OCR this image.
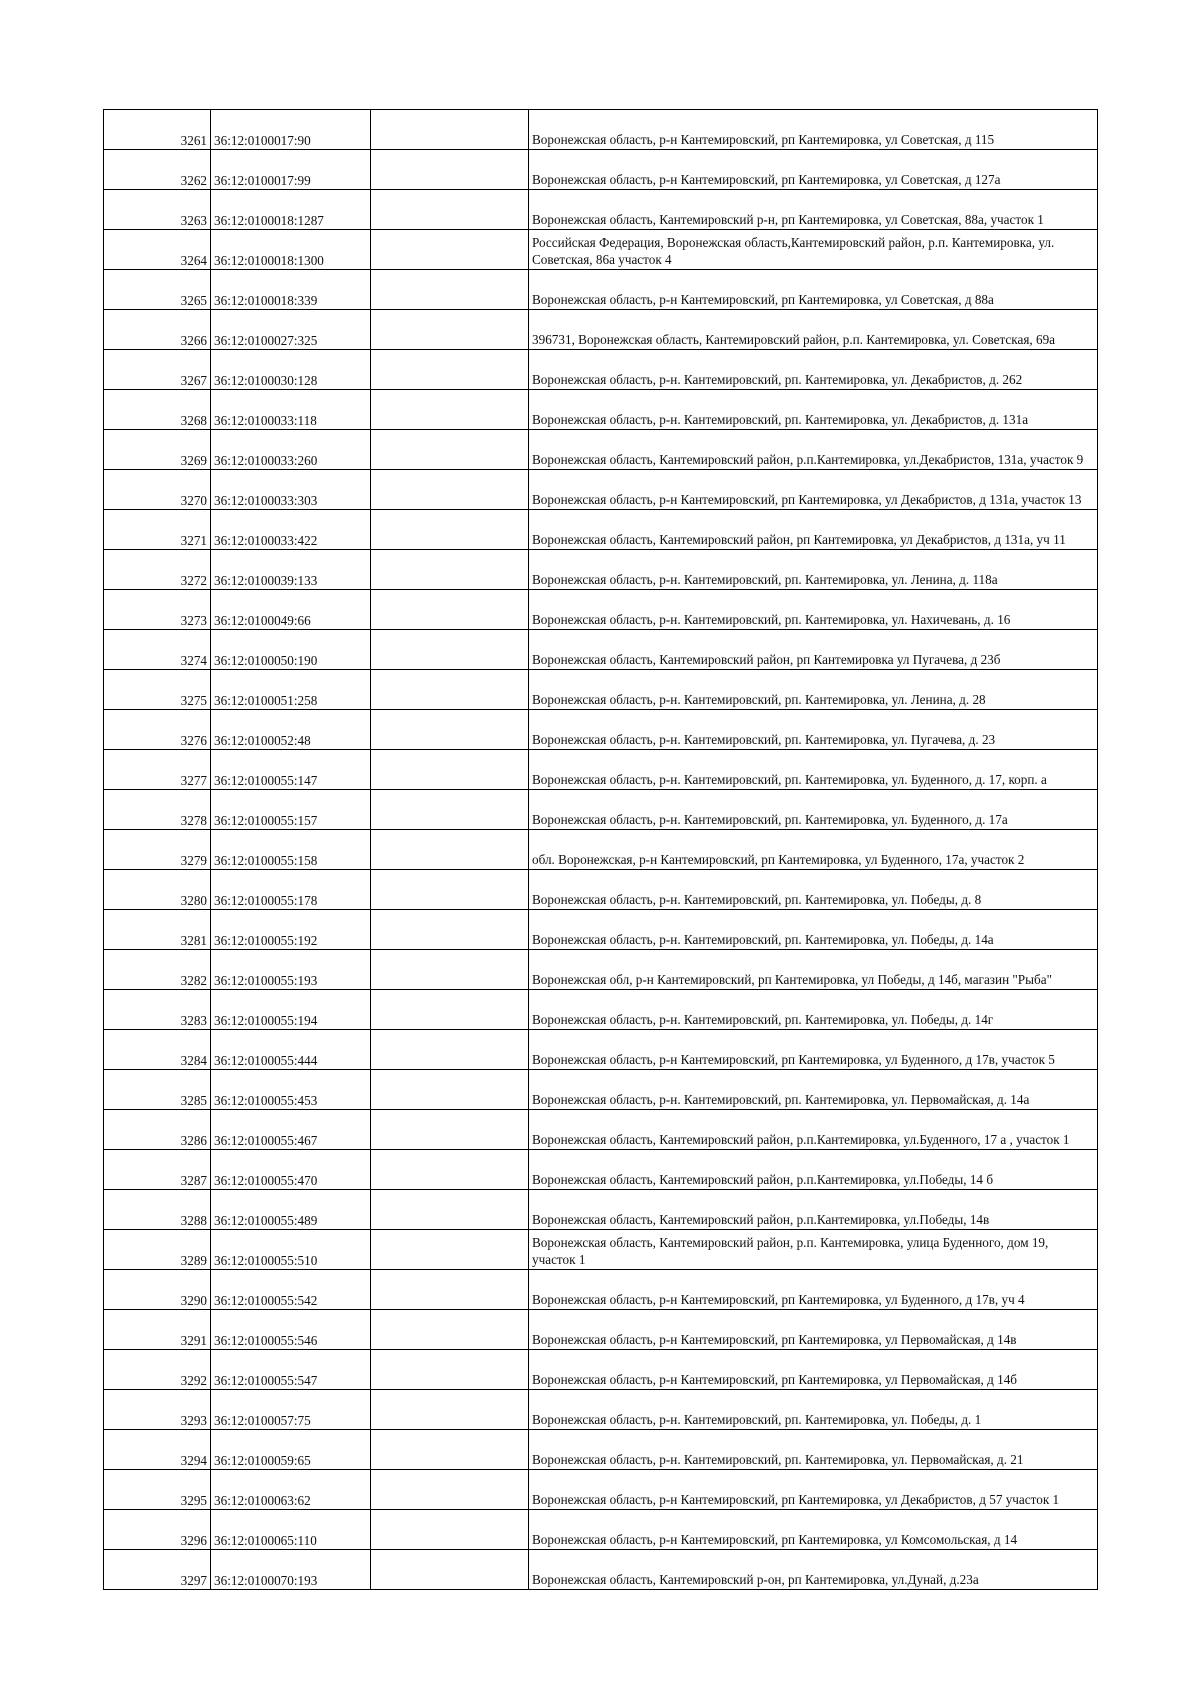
3261	36:12:0100017:90		Воронежская область, р-н Кантемировский, рп Кантемировка, ул Советская, д 115

3262	36:12:0100017:99		Воронежская область, р-н Кантемировский, рп Кантемировка, ул Советская, д 127а

3263	36:12:0100018:1287		Воронежская область, Кантемировский р-н, рп Кантемировка, ул Советская, 88а, участок 1

3264	36:12:0100018:1300		Российская Федерация, Воронежская область,Кантемировский район, р.п. Кантемировка, ул. Советская, 86а участок 4

3265	36:12:0100018:339		Воронежская область, р-н Кантемировский, рп Кантемировка, ул Советская, д 88а

3266	36:12:0100027:325		396731, Воронежская область, Кантемировский район, р.п. Кантемировка, ул. Советская, 69а

3267	36:12:0100030:128		Воронежская область, р-н. Кантемировский, рп. Кантемировка, ул. Декабристов, д. 262

3268	36:12:0100033:118		Воронежская область, р-н. Кантемировский, рп. Кантемировка, ул. Декабристов, д. 131а

3269	36:12:0100033:260		Воронежская область, Кантемировский район, р.п.Кантемировка, ул.Декабристов, 131а, участок 9

3270	36:12:0100033:303		Воронежская область, р-н Кантемировский, рп Кантемировка, ул Декабристов, д 131а, участок 13

3271	36:12:0100033:422		Воронежская область, Кантемировский район, рп Кантемировка, ул Декабристов, д 131а, уч 11

3272	36:12:0100039:133		Воронежская область, р-н. Кантемировский, рп. Кантемировка, ул. Ленина, д. 118а

3273	36:12:0100049:66		Воронежская область, р-н. Кантемировский, рп. Кантемировка, ул. Нахичевань, д. 16

3274	36:12:0100050:190		Воронежская область, Кантемировский район, рп Кантемировка ул Пугачева, д 23б

3275	36:12:0100051:258		Воронежская область, р-н. Кантемировский, рп. Кантемировка, ул. Ленина, д. 28

3276	36:12:0100052:48		Воронежская область, р-н. Кантемировский, рп. Кантемировка, ул. Пугачева, д. 23

3277	36:12:0100055:147		Воронежская область, р-н. Кантемировский, рп. Кантемировка, ул. Буденного, д. 17, корп. а

3278	36:12:0100055:157		Воронежская область, р-н. Кантемировский, рп. Кантемировка, ул. Буденного, д. 17а

3279	36:12:0100055:158		обл. Воронежская, р-н Кантемировский, рп Кантемировка, ул Буденного, 17а, участок 2

3280	36:12:0100055:178		Воронежская область, р-н. Кантемировский, рп. Кантемировка, ул. Победы, д. 8

3281	36:12:0100055:192		Воронежская область, р-н. Кантемировский, рп. Кантемировка, ул. Победы, д. 14а

3282	36:12:0100055:193		Воронежская обл, р-н Кантемировский, рп Кантемировка, ул Победы, д 14б, магазин "Рыба"

3283	36:12:0100055:194		Воронежская область, р-н. Кантемировский, рп. Кантемировка, ул. Победы, д. 14г

3284	36:12:0100055:444		Воронежская область, р-н Кантемировский, рп Кантемировка, ул Буденного, д 17в, участок 5

3285	36:12:0100055:453		Воронежская область, р-н. Кантемировский, рп. Кантемировка, ул. Первомайская, д. 14а

3286	36:12:0100055:467		Воронежская область, Кантемировский район, р.п.Кантемировка, ул.Буденного, 17 а , участок 1

3287	36:12:0100055:470		Воронежская область, Кантемировский район, р.п.Кантемировка, ул.Победы, 14 б

3288	36:12:0100055:489		Воронежская область, Кантемировский район, р.п.Кантемировка, ул.Победы, 14в

3289	36:12:0100055:510		Воронежская область, Кантемировский район, р.п. Кантемировка, улица Буденного, дом 19, участок 1

3290	36:12:0100055:542		Воронежская область, р-н Кантемировский, рп Кантемировка, ул Буденного, д 17в, уч 4

3291	36:12:0100055:546		Воронежская область, р-н Кантемировский, рп Кантемировка, ул Первомайская, д 14в

3292	36:12:0100055:547		Воронежская область, р-н Кантемировский, рп Кантемировка, ул Первомайская, д 14б

3293	36:12:0100057:75		Воронежская область, р-н. Кантемировский, рп. Кантемировка, ул. Победы, д. 1

3294	36:12:0100059:65		Воронежская область, р-н. Кантемировский, рп. Кантемировка, ул. Первомайская, д. 21

3295	36:12:0100063:62		Воронежская область, р-н Кантемировский, рп Кантемировка, ул Декабристов, д 57 участок 1

3296	36:12:0100065:110		Воронежская область, р-н Кантемировский, рп Кантемировка, ул Комсомольская, д 14

3297	36:12:0100070:193		Воронежская область, Кантемировский р-он, рп Кантемировка, ул.Дунай, д.23а
